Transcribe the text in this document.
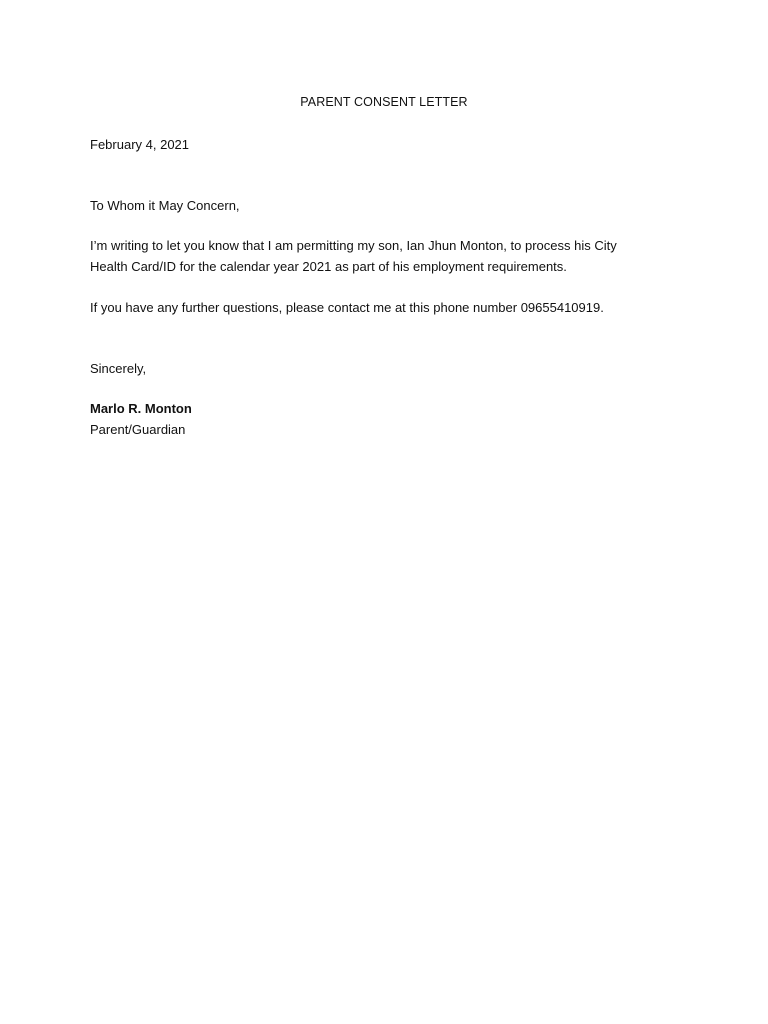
PARENT CONSENT LETTER
February 4, 2021
To Whom it May Concern,
I’m writing to let you know that I am permitting my son, Ian Jhun Monton, to process his City
Health Card/ID for the calendar year 2021 as part of his employment requirements.
If you have any further questions, please contact me at this phone number 09655410919.
Sincerely,
Marlo R. Monton
Parent/Guardian
